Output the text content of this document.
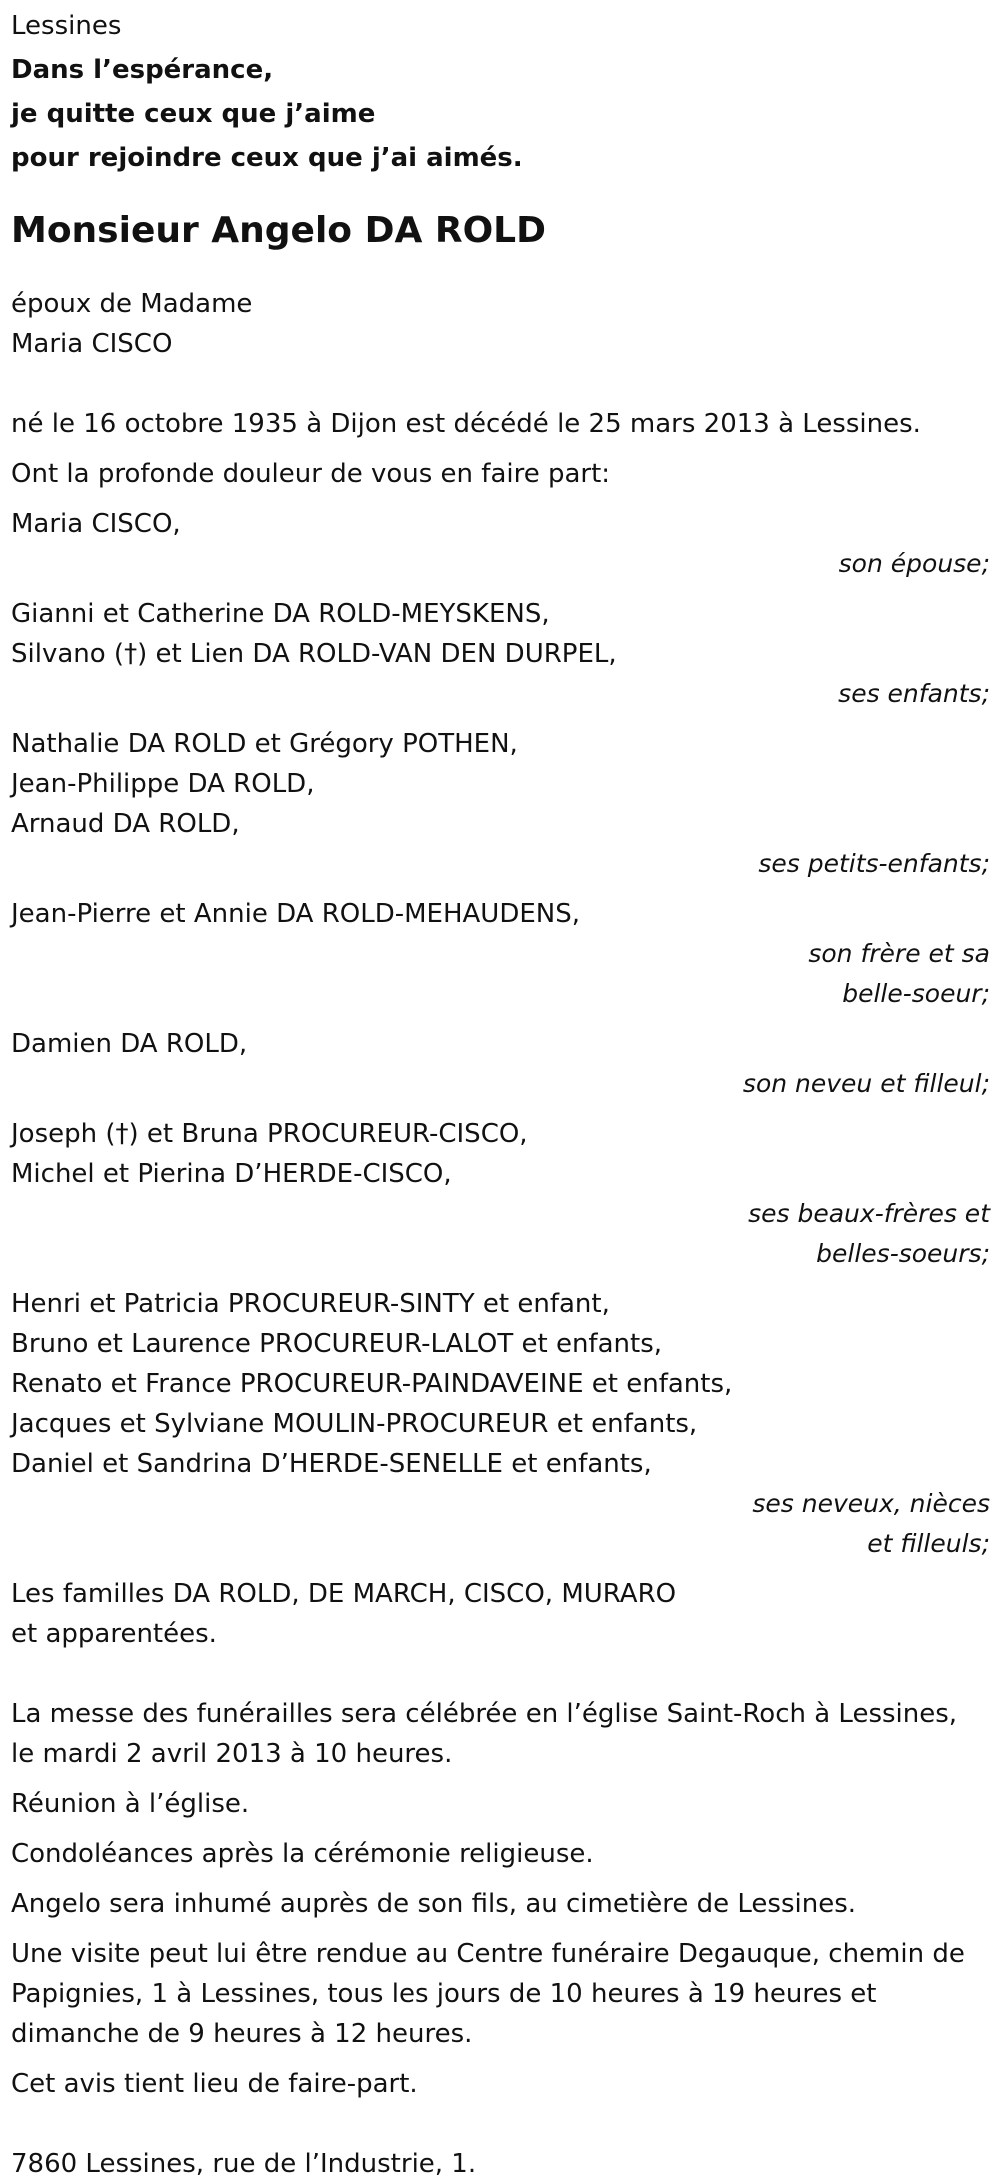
Lessines

Dans l’espérance,

je quitte ceux que j’aime

pour rejoindre ceux que j’ai aimés.

Monsieur Angelo DA ROLD

époux de Madame

Maria CISCO

né le 16 octobre 1935 à Dijon est décédé le 25 mars 2013 à Lessines.

Ont la profonde douleur de vous en faire part:

Maria CISCO,

son épouse;

Gianni et Catherine DA ROLD-MEYSKENS,

Silvano (†) et Lien DA ROLD-VAN DEN DURPEL,

ses enfants;

Nathalie DA ROLD et Grégory POTHEN,

Jean-Philippe DA ROLD,

Arnaud DA ROLD,

ses petits-enfants;

Jean-Pierre et Annie DA ROLD-MEHAUDENS,

son frère et sa

belle-soeur;

Damien DA ROLD,

son neveu et filleul;

Joseph (†) et Bruna PROCUREUR-CISCO,

Michel et Pierina D’HERDE-CISCO,

ses beaux-frères et

belles-soeurs;

Henri et Patricia PROCUREUR-SINTY et enfant,

Bruno et Laurence PROCUREUR-LALOT et enfants,

Renato et France PROCUREUR-PAINDAVEINE et enfants,

Jacques et Sylviane MOULIN-PROCUREUR et enfants,

Daniel et Sandrina D’HERDE-SENELLE et enfants,

ses neveux, nièces

et filleuls;

Les familles DA ROLD, DE MARCH, CISCO, MURARO

et apparentées.

La messe des funérailles sera célébrée en l’église Saint-Roch à Lessines,

le mardi 2 avril 2013 à 10 heures.

Réunion à l’église.

Condoléances après la cérémonie religieuse.

Angelo sera inhumé auprès de son fils, au cimetière de Lessines.

Une visite peut lui être rendue au Centre funéraire Degauque, chemin de

Papignies, 1 à Lessines, tous les jours de 10 heures à 19 heures et

dimanche de 9 heures à 12 heures.

Cet avis tient lieu de faire-part.

7860 Lessines, rue de l’Industrie, 1.
